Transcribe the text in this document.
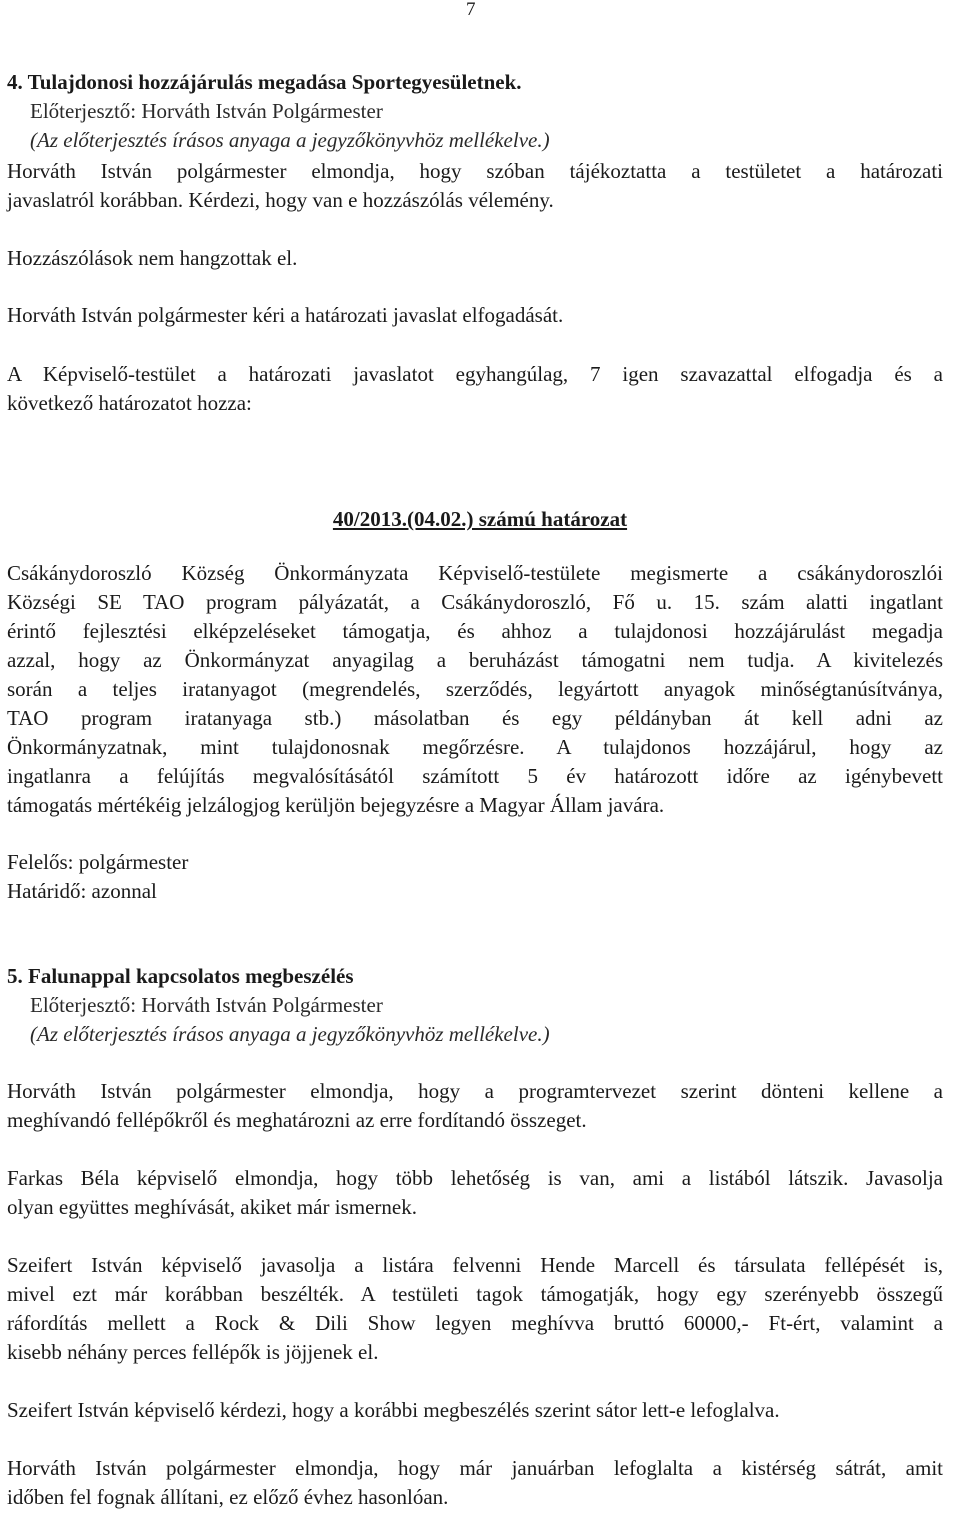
7
4. Tulajdonosi hozzájárulás megadása Sportegyesületnek.
Előterjesztő: Horváth István Polgármester
(Az előterjesztés írásos anyaga a jegyzőkönyvhöz mellékelve.)
Horváth István polgármester elmondja, hogy szóban tájékoztatta a testületet a határozati
javaslatról korábban. Kérdezi, hogy van e hozzászólás vélemény.
Hozzászólások nem hangzottak el.
Horváth István polgármester kéri a határozati javaslat elfogadását.
A Képviselő-testület a határozati javaslatot egyhangúlag, 7 igen szavazattal elfogadja és a
következő határozatot hozza:
40/2013.(04.02.) számú határozat
Csákánydoroszló Község Önkormányzata Képviselő-testülete megismerte a csákánydoroszlói
Községi SE TAO program pályázatát, a Csákánydoroszló, Fő u. 15. szám alatti ingatlant
érintő fejlesztési elképzeléseket támogatja, és ahhoz a tulajdonosi hozzájárulást megadja
azzal, hogy az Önkormányzat anyagilag a beruházást támogatni nem tudja. A kivitelezés
során a teljes iratanyagot (megrendelés, szerződés, legyártott anyagok minőségtanúsítványa,
TAO program iratanyaga stb.) másolatban és egy példányban át kell adni az
Önkormányzatnak, mint tulajdonosnak megőrzésre. A tulajdonos hozzájárul, hogy az
ingatlanra a felújítás megvalósításától számított 5 év határozott időre az igénybevett
támogatás mértékéig jelzálogjog kerüljön bejegyzésre a Magyar Állam javára.
Felelős: polgármester
Határidő: azonnal
5. Falunappal kapcsolatos megbeszélés
Előterjesztő: Horváth István Polgármester
(Az előterjesztés írásos anyaga a jegyzőkönyvhöz mellékelve.)
Horváth István polgármester elmondja, hogy a programtervezet szerint dönteni kellene a
meghívandó fellépőkről és meghatározni az erre fordítandó összeget.
Farkas Béla képviselő elmondja, hogy több lehetőség is van, ami a listából látszik. Javasolja
olyan együttes meghívását, akiket már ismernek.
Szeifert István képviselő javasolja a listára felvenni Hende Marcell és társulata fellépését is,
mivel ezt már korábban beszélték. A testületi tagok támogatják, hogy egy szerényebb összegű
ráfordítás mellett a Rock & Dili Show legyen meghívva bruttó 60000,- Ft-ért, valamint a
kisebb néhány perces fellépők is jöjjenek el.
Szeifert István képviselő kérdezi, hogy a korábbi megbeszélés szerint sátor lett-e lefoglalva.
Horváth István polgármester elmondja, hogy már januárban lefoglalta a kistérség sátrát, amit
időben fel fognak állítani, ez előző évhez hasonlóan.
